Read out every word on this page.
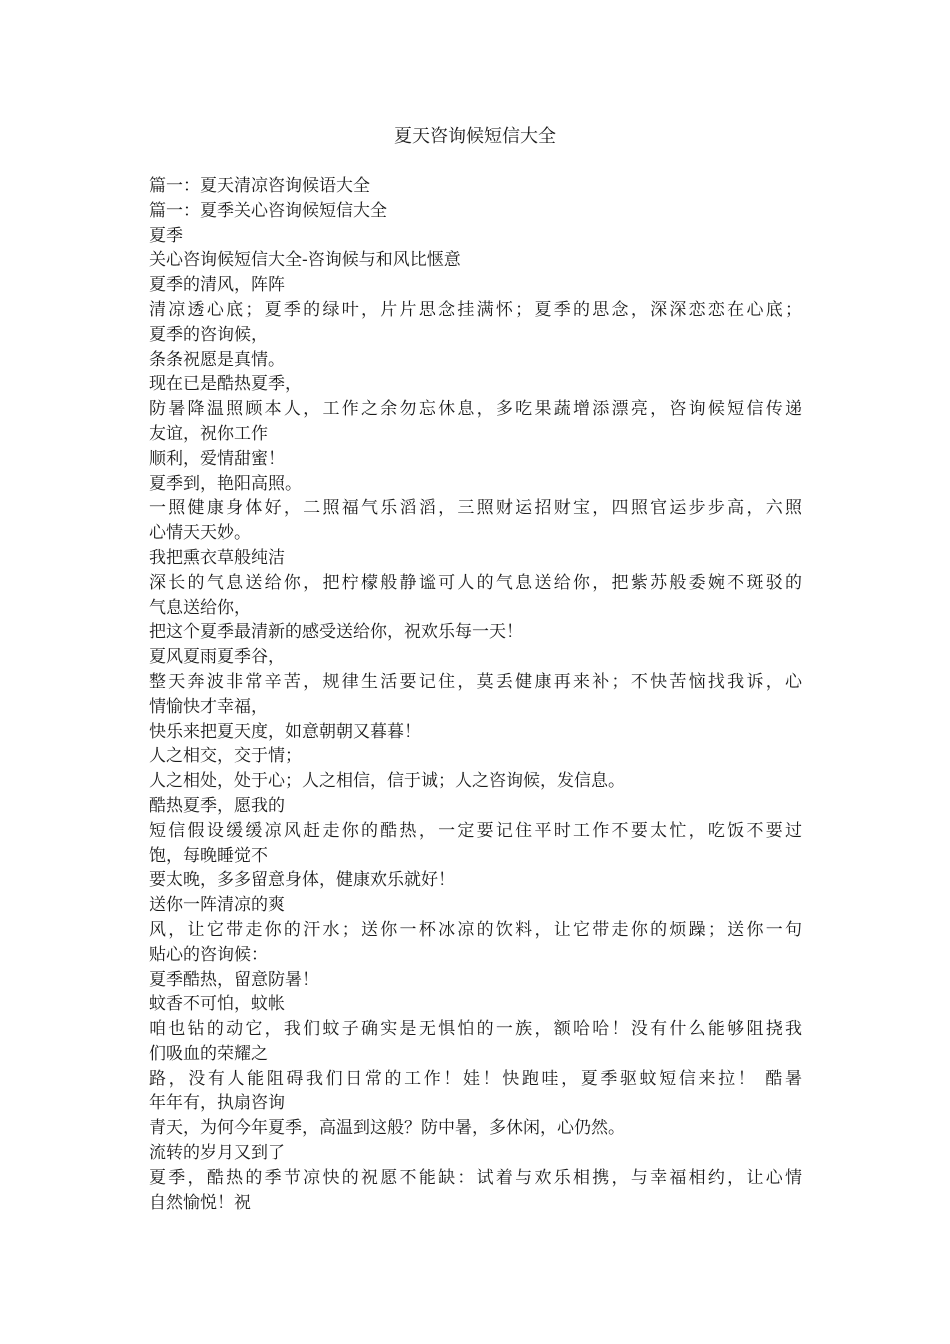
夏天咨询候短信大全
篇一：夏天清凉咨询候语大全
篇一：夏季关心咨询候短信大全
夏季
关心咨询候短信大全-咨询候与和风比惬意
夏季的清风，阵阵
清凉透心底；夏季的绿叶，片片思念挂满怀；夏季的思念，深深恋恋在心底；
夏季的咨询候，
条条祝愿是真情。
现在已是酷热夏季，
防暑降温照顾本人，工作之余勿忘休息，多吃果蔬增添漂亮，咨询候短信传递
友谊，祝你工作
顺利，爱情甜蜜！
夏季到，艳阳高照。
一照健康身体好，二照福气乐滔滔，三照财运招财宝，四照官运步步高，六照
心情天天妙。
我把熏衣草般纯洁
深长的气息送给你，把柠檬般静谧可人的气息送给你，把紫苏般委婉不斑驳的
气息送给你，
把这个夏季最清新的感受送给你，祝欢乐每一天！
夏风夏雨夏季谷，
整天奔波非常辛苦，规律生活要记住，莫丢健康再来补；不快苦恼找我诉，心
情愉快才幸福，
快乐来把夏天度，如意朝朝又暮暮！
人之相交，交于情；
人之相处，处于心；人之相信，信于诚；人之咨询候，发信息。
酷热夏季，愿我的
短信假设缓缓凉风赶走你的酷热，一定要记住平时工作不要太忙，吃饭不要过
饱，每晚睡觉不
要太晚，多多留意身体，健康欢乐就好！
送你一阵清凉的爽
风，让它带走你的汗水；送你一杯冰凉的饮料，让它带走你的烦躁；送你一句
贴心的咨询候：
夏季酷热，留意防暑！
蚊香不可怕，蚊帐
咱也钻的动它，我们蚊子确实是无惧怕的一族，额哈哈！没有什么能够阻挠我
们吸血的荣耀之
路，没有人能阻碍我们日常的工作！娃！快跑哇，夏季驱蚊短信来拉！ 酷暑
年年有，执扇咨询
青天，为何今年夏季，高温到这般？防中暑，多休闲，心仍然。
流转的岁月又到了
夏季，酷热的季节凉快的祝愿不能缺：试着与欢乐相携，与幸福相约，让心情
自然愉悦！祝
